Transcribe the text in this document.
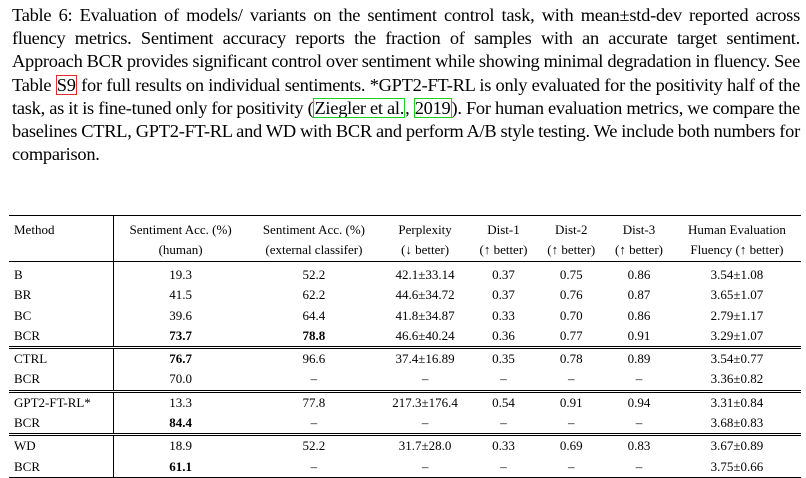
Table 6: Evaluation of models/ variants on the sentiment control task, with mean±std-dev reported across fluency metrics. Sentiment accuracy reports the fraction of samples with an accurate target sentiment. Approach BCR provides significant control over sentiment while showing minimal degradation in fluency. See Table S9 for full results on individual sentiments. *GPT2-FT-RL is only evaluated for the positivity half of the task, as it is fine-tuned only for positivity (Ziegler et al., 2019). For human evaluation metrics, we compare the baselines CTRL, GPT2-FT-RL and WD with BCR and perform A/B style testing. We include both numbers for comparison.
Method	Sentiment Acc. (%)	Sentiment Acc. (%)	Perplexity	Dist-1	Dist-2	Dist-3	Human Evaluation
	(human)	(external classifer)	(↓ better)	(↑ better)	(↑ better)	(↑ better)	Fluency (↑ better)
B	19.3	52.2	42.1±33.14	0.37	0.75	0.86	3.54±1.08
BR	41.5	62.2	44.6±34.72	0.37	0.76	0.87	3.65±1.07
BC	39.6	64.4	41.8±34.87	0.33	0.70	0.86	2.79±1.17
BCR	73.7	78.8	46.6±40.24	0.36	0.77	0.91	3.29±1.07
CTRL	76.7	96.6	37.4±16.89	0.35	0.78	0.89	3.54±0.77
BCR	70.0	–	–	–	–	–	3.36±0.82
GPT2-FT-RL*	13.3	77.8	217.3±176.4	0.54	0.91	0.94	3.31±0.84
BCR	84.4	–	–	–	–	–	3.68±0.83
WD	18.9	52.2	31.7±28.0	0.33	0.69	0.83	3.67±0.89
BCR	61.1	–	–	–	–	–	3.75±0.66
